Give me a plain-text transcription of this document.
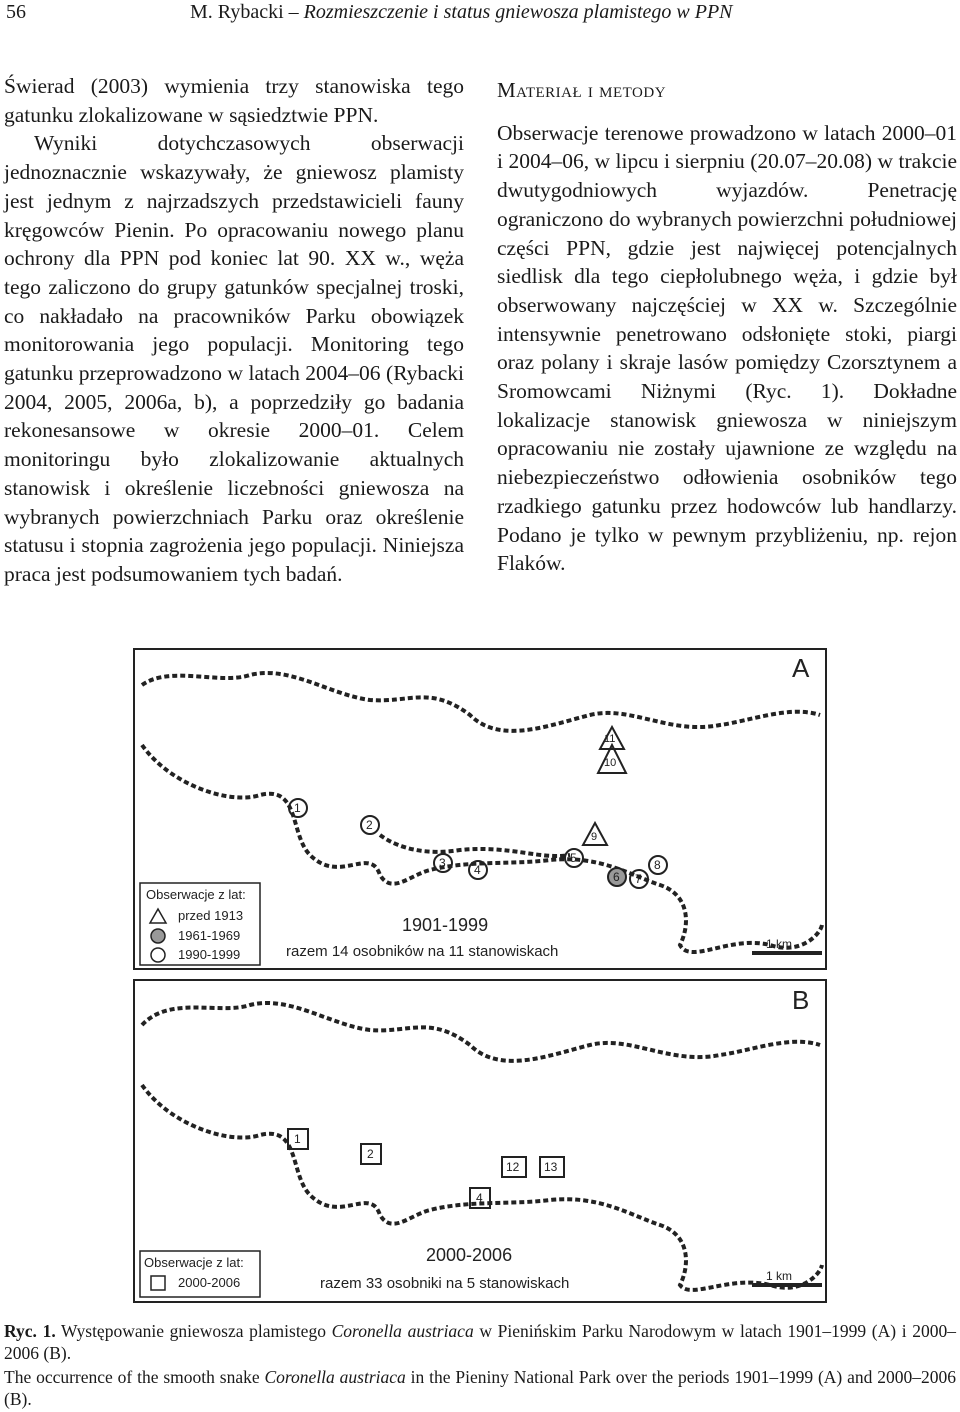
56	M. Rybacki – Rozmieszczenie i status gniewosza plamistego w PPN

Świerad (2003) wymienia trzy stanowiska tego gatunku zlokalizowane w sąsiedztwie PPN.

Wyniki dotychczasowych obserwacji jednoznacznie wskazywały, że gniewosz plamisty jest jednym z najrzadszych przedstawicieli fauny kręgowców Pienin. Po opracowaniu nowego planu ochrony dla PPN pod koniec lat 90. XX w., węża tego zaliczono do grupy gatunków specjalnej troski, co nakładało na pracowników Parku obowiązek monitorowania jego populacji. Monitoring tego gatunku przeprowadzono w latach 2004–06 (Rybacki 2004, 2005, 2006a, b), a poprzedziły go badania rekonesansowe w okresie 2000–01. Celem monitoringu było zlokalizowanie aktualnych stanowisk i określenie liczebności gniewosza na wybranych powierzchniach Parku oraz określenie statusu i stopnia zagrożenia jego populacji. Niniejsza praca jest podsumowaniem tych badań.

Materiał i metody

Obserwacje terenowe prowadzono w latach 2000–01 i 2004–06, w lipcu i sierpniu (20.07–20.08) w trakcie dwutygodniowych wyjazdów. Penetrację ograniczono do wybranych powierzchni południowej części PPN, gdzie jest najwięcej potencjalnych siedlisk dla tego ciepłolubnego węża, i gdzie był obserwowany najczęściej w XX w. Szczególnie intensywnie penetrowano odsłonięte stoki, piargi oraz polany i skraje lasów pomiędzy Czorsztynem a Sromowcami Niżnymi (Ryc. 1). Dokładne lokalizacje stanowisk gniewosza w niniejszym opracowaniu nie zostały ujawnione ze względu na niebezpieczeństwo odłowienia osobników tego rzadkiego gatunku przez hodowców lub handlarzy. Podano je tylko w pewnym przybliżeniu, np. rejon Flaków.

A
11
10
9
1
2
3 4
5
6 7
8
Obserwacje z lat:
przed 1913
1961-1969
1990-1999
1901-1999
razem 14 osobników na 11 stanowiskach	1 km
B
1
2
4
12 13
Obserwacje z lat:
2000-2006
2000-2006
razem 33 osobniki na 5 stanowiskach	1 km

Ryc. 1. Występowanie gniewosza plamistego Coronella austriaca w Pienińskim Parku Narodowym w latach 1901–1999 (A) i 2000–2006 (B).

The occurrence of the smooth snake Coronella austriaca in the Pieniny National Park over the periods 1901–1999 (A) and 2000–2006 (B).
